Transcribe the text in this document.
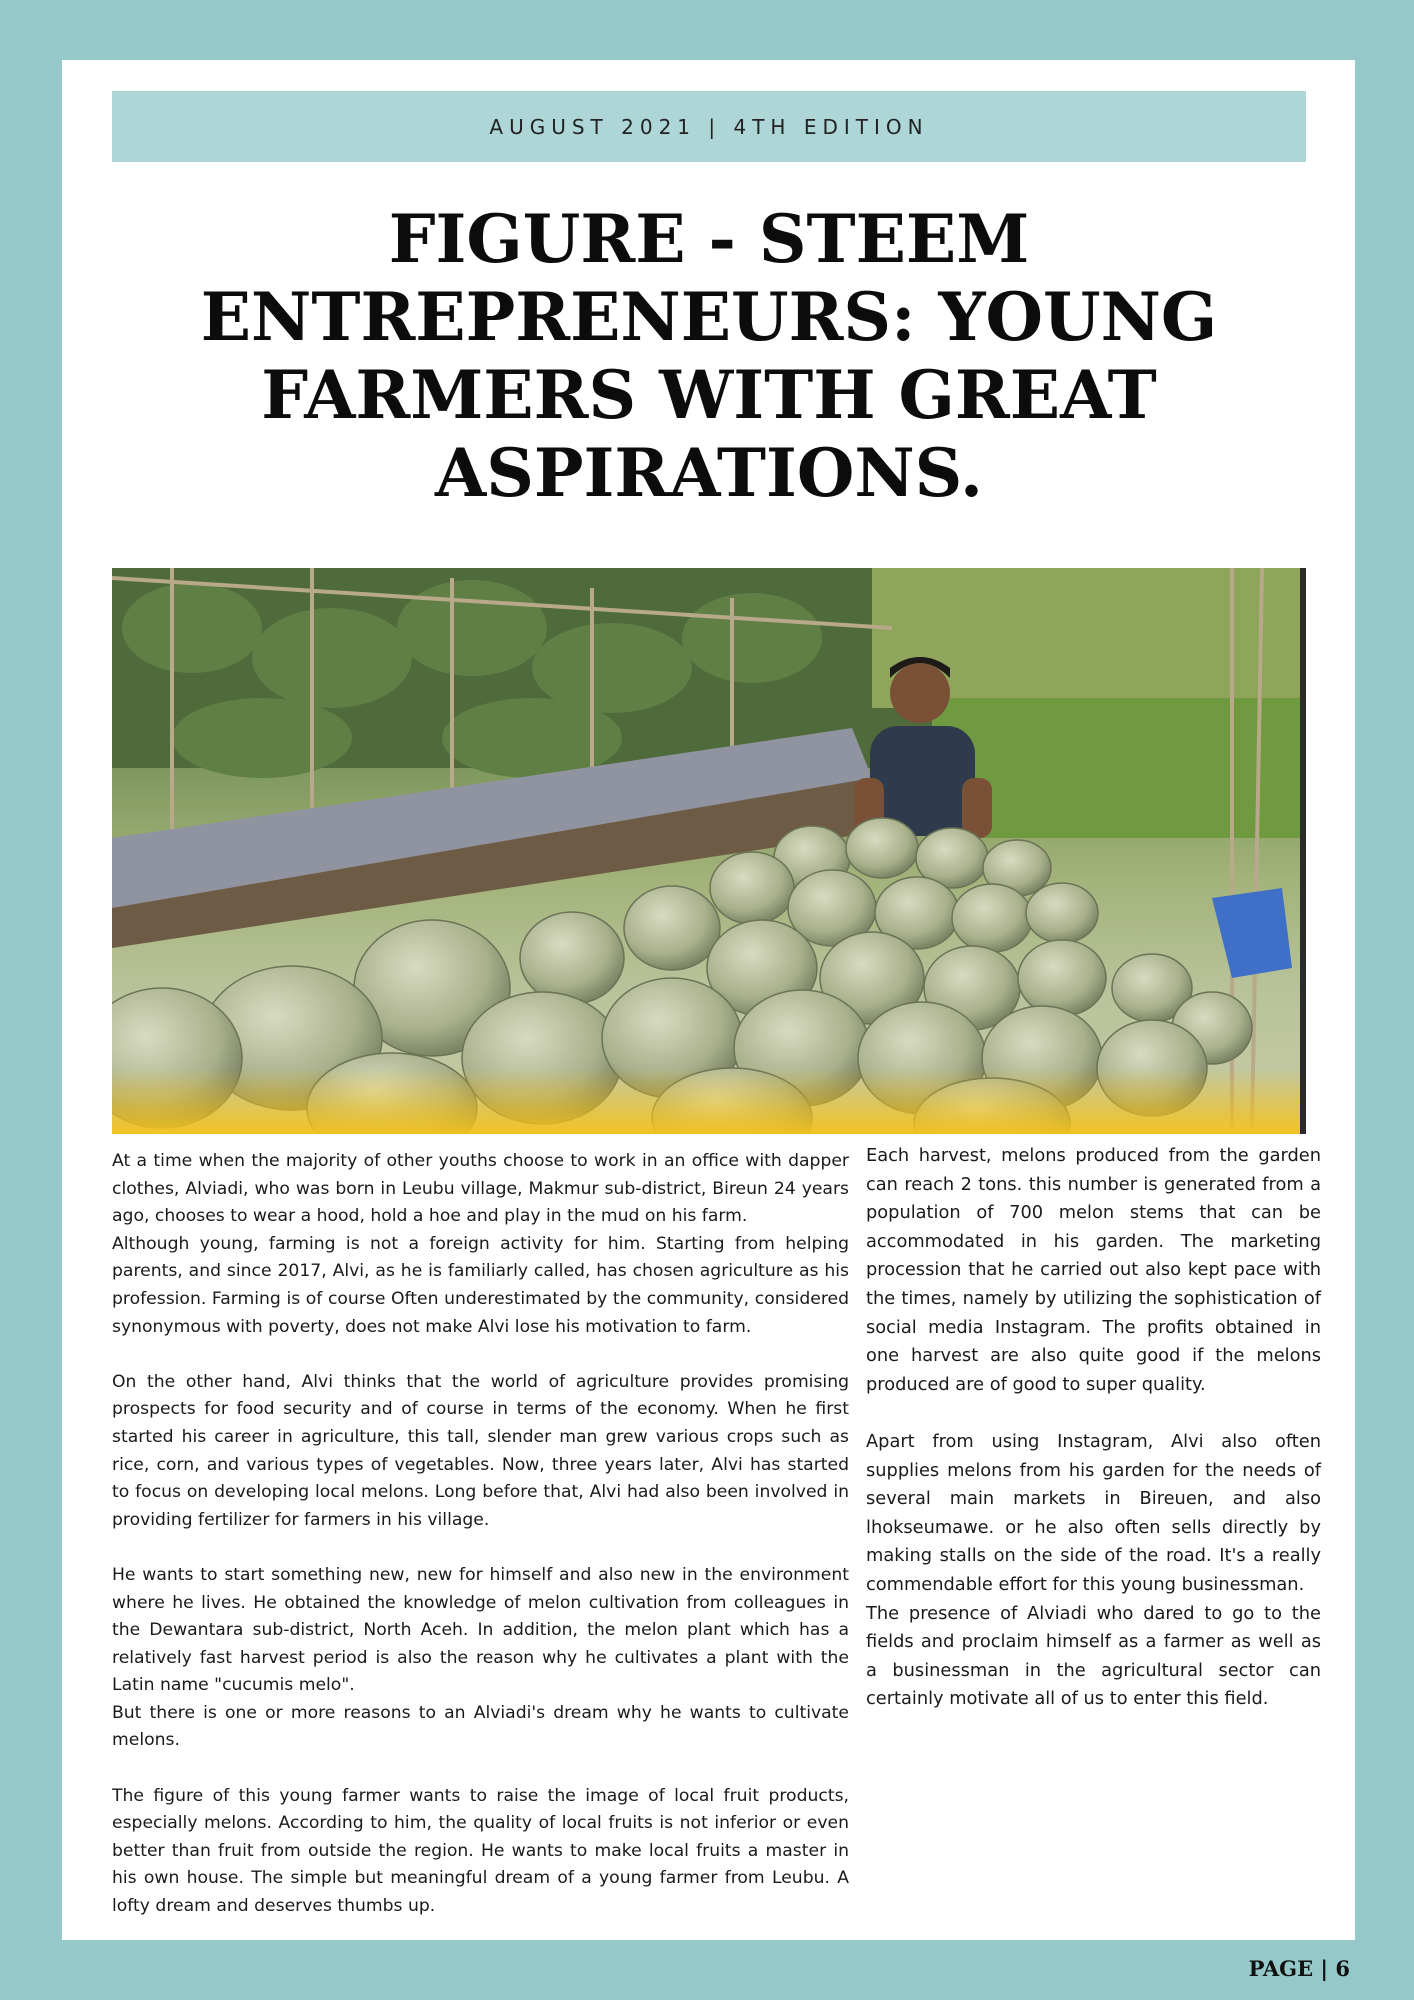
AUGUST 2021 | 4TH EDITION
FIGURE - STEEM ENTREPRENEURS: YOUNG FARMERS WITH GREAT ASPIRATIONS.

At a time when the majority of other youths choose to work in an office with dapper clothes, Alviadi, who was born in Leubu village, Makmur sub-district, Bireun 24 years ago, chooses to wear a hood, hold a hoe and play in the mud on his farm.

Although young, farming is not a foreign activity for him. Starting from helping parents, and since 2017, Alvi, as he is familiarly called, has chosen agriculture as his profession. Farming is of course Often underestimated by the community, considered synonymous with poverty, does not make Alvi lose his motivation to farm.

On the other hand, Alvi thinks that the world of agriculture provides promising prospects for food security and of course in terms of the economy. When he first started his career in agriculture, this tall, slender man grew various crops such as rice, corn, and various types of vegetables. Now, three years later, Alvi has started to focus on developing local melons. Long before that, Alvi had also been involved in providing fertilizer for farmers in his village.

He wants to start something new, new for himself and also new in the environment where he lives. He obtained the knowledge of melon cultivation from colleagues in the Dewantara sub-district, North Aceh. In addition, the melon plant which has a relatively fast harvest period is also the reason why he cultivates a plant with the Latin name "cucumis melo".

But there is one or more reasons to an Alviadi's dream why he wants to cultivate melons.

The figure of this young farmer wants to raise the image of local fruit products, especially melons. According to him, the quality of local fruits is not inferior or even better than fruit from outside the region. He wants to make local fruits a master in his own house. The simple but meaningful dream of a young farmer from Leubu. A lofty dream and deserves thumbs up.

Each harvest, melons produced from the garden can reach 2 tons. this number is generated from a population of 700 melon stems that can be accommodated in his garden. The marketing procession that he carried out also kept pace with the times, namely by utilizing the sophistication of social media Instagram. The profits obtained in one harvest are also quite good if the melons produced are of good to super quality.

Apart from using Instagram, Alvi also often supplies melons from his garden for the needs of several main markets in Bireuen, and also lhokseumawe. or he also often sells directly by making stalls on the side of the road. It's a really commendable effort for this young businessman.

The presence of Alviadi who dared to go to the fields and proclaim himself as a farmer as well as a businessman in the agricultural sector can certainly motivate all of us to enter this field.

PAGE | 6
